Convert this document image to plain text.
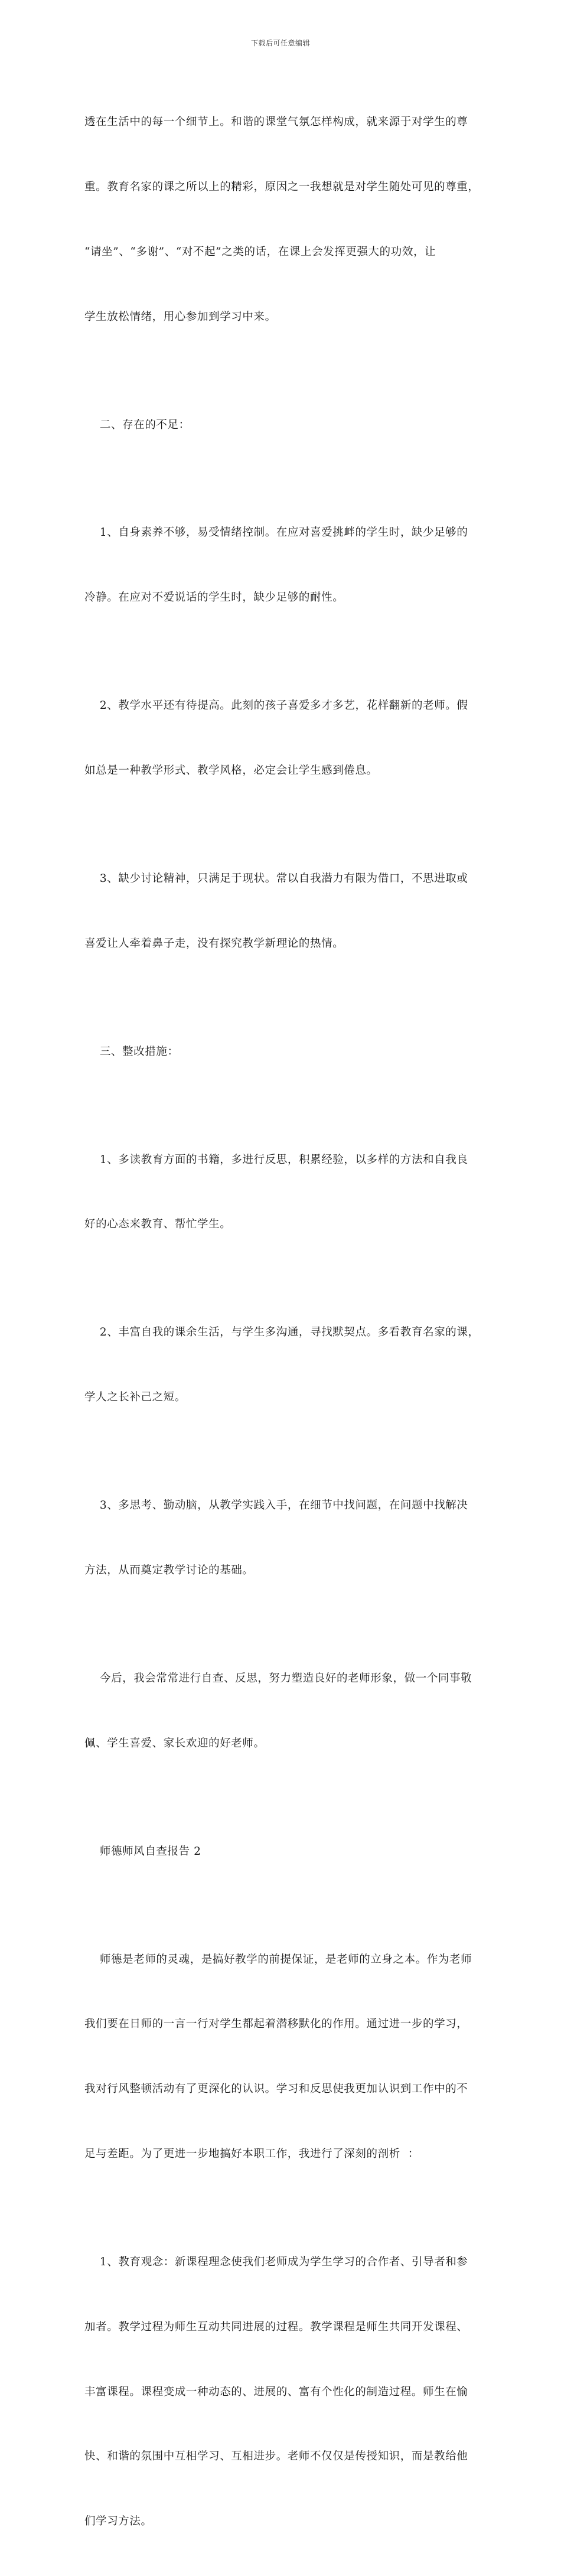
下载后可任意编辑

透在生活中的每一个细节上。和谐的课堂气氛怎样构成，就来源于对学生的尊

重。教育名家的课之所以上的精彩，原因之一我想就是对学生随处可见的尊重，

“请坐”、“多谢”、“对不起”之类的话，在课上会发挥更强大的功效，让

学生放松情绪，用心参加到学习中来。

二、存在的不足：

1、自身素养不够，易受情绪控制。在应对喜爱挑衅的学生时，缺少足够的

冷静。在应对不爱说话的学生时，缺少足够的耐性。

2、教学水平还有待提高。此刻的孩子喜爱多才多艺，花样翻新的老师。假

如总是一种教学形式、教学风格，必定会让学生感到倦息。

3、缺少讨论精神，只满足于现状。常以自我潜力有限为借口，不思进取或

喜爱让人牵着鼻子走，没有探究教学新理论的热情。

三、整改措施：

1、多读教育方面的书籍，多进行反思，积累经验，以多样的方法和自我良

好的心态来教育、帮忙学生。

2、丰富自我的课余生活，与学生多沟通，寻找默契点。多看教育名家的课，

学人之长补己之短。

3、多思考、勤动脑，从教学实践入手，在细节中找问题，在问题中找解决

方法，从而奠定教学讨论的基础。

今后，我会常常进行自查、反思，努力塑造良好的老师形象，做一个同事敬

佩、学生喜爱、家长欢迎的好老师。

师德师风自查报告 2

师德是老师的灵魂，是搞好教学的前提保证，是老师的立身之本。作为老师

我们要在日师的一言一行对学生都起着潜移默化的作用。通过进一步的学习，

我对行风整顿活动有了更深化的认识。学习和反思使我更加认识到工作中的不

足与差距。为了更进一步地搞好本职工作，我进行了深刻的剖析  ：

1、教育观念：新课程理念使我们老师成为学生学习的合作者、引导者和参

加者。教学过程为师生互动共同进展的过程。教学课程是师生共同开发课程、

丰富课程。课程变成一种动态的、进展的、富有个性化的制造过程。师生在愉

快、和谐的氛围中互相学习、互相进步。老师不仅仅是传授知识，而是教给他

们学习方法。
